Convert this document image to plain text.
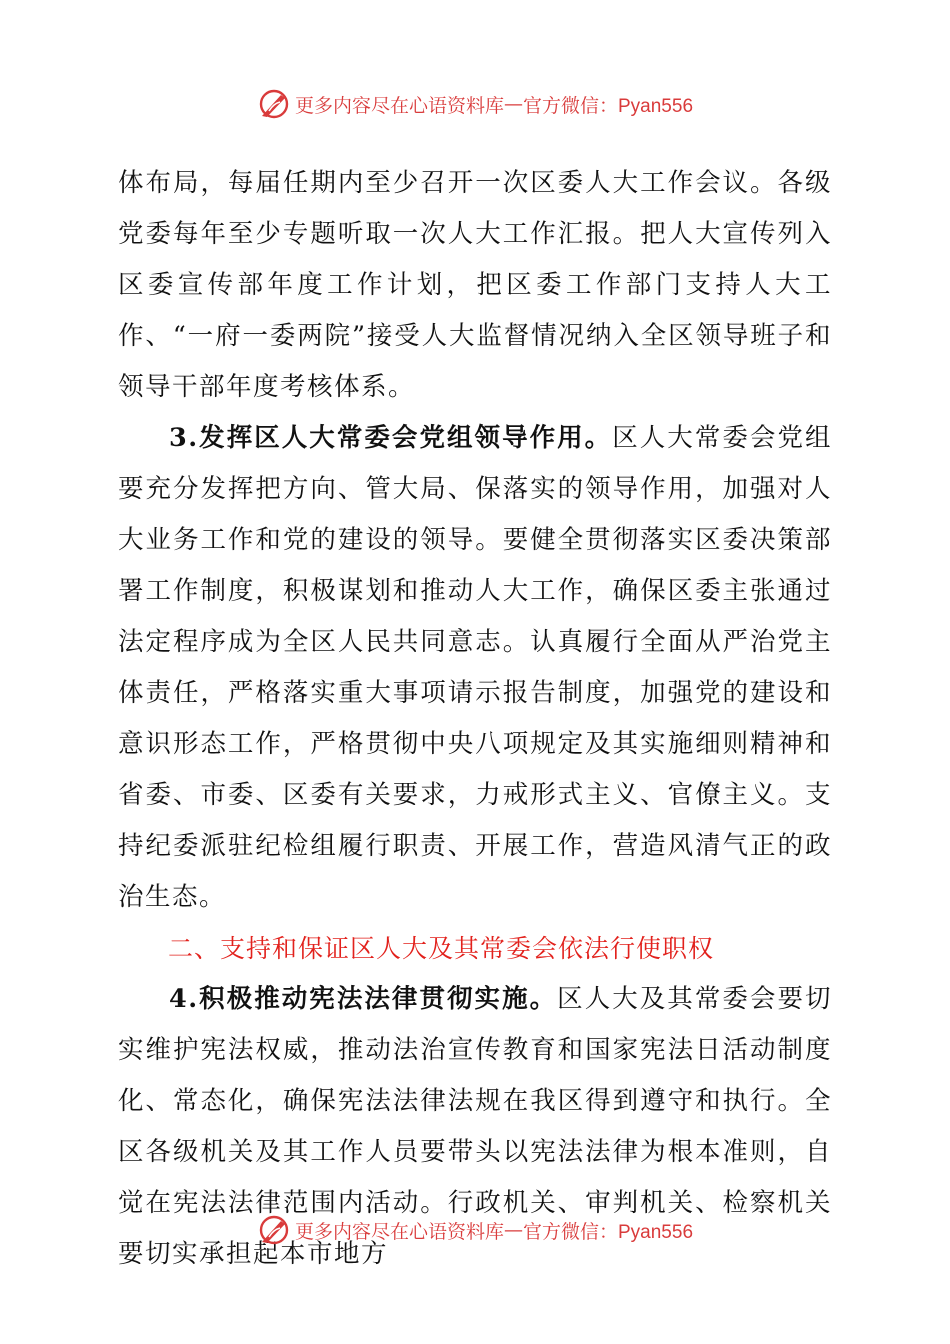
更多内容尽在心语资料库 — 官方微信：Pyan556

体布局，每届任期内至少召开一次区委人大工作会议。各级党委每年至少专题听取一次人大工作汇报。把人大宣传列入区委宣传部年度工作计划，把区委工作部门支持人大工作、“一府一委两院”接受人大监督情况纳入全区领导班子和领导干部年度考核体系。

3.发挥区人大常委会党组领导作用。区人大常委会党组要充分发挥把方向、管大局、保落实的领导作用，加强对人大业务工作和党的建设的领导。要健全贯彻落实区委决策部署工作制度，积极谋划和推动人大工作，确保区委主张通过法定程序成为全区人民共同意志。认真履行全面从严治党主体责任，严格落实重大事项请示报告制度，加强党的建设和意识形态工作，严格贯彻中央八项规定及其实施细则精神和省委、市委、区委有关要求，力戒形式主义、官僚主义。支持纪委派驻纪检组履行职责、开展工作，营造风清气正的政治生态。

二、支持和保证区人大及其常委会依法行使职权

4.积极推动宪法法律贯彻实施。区人大及其常委会要切实维护宪法权威，推动法治宣传教育和国家宪法日活动制度化、常态化，确保宪法法律法规在我区得到遵守和执行。全区各级机关及其工作人员要带头以宪法法律为根本准则，自觉在宪法法律范围内活动。行政机关、审判机关、检察机关要切实承担起本市地方

更多内容尽在心语资料库 — 官方微信：Pyan556
